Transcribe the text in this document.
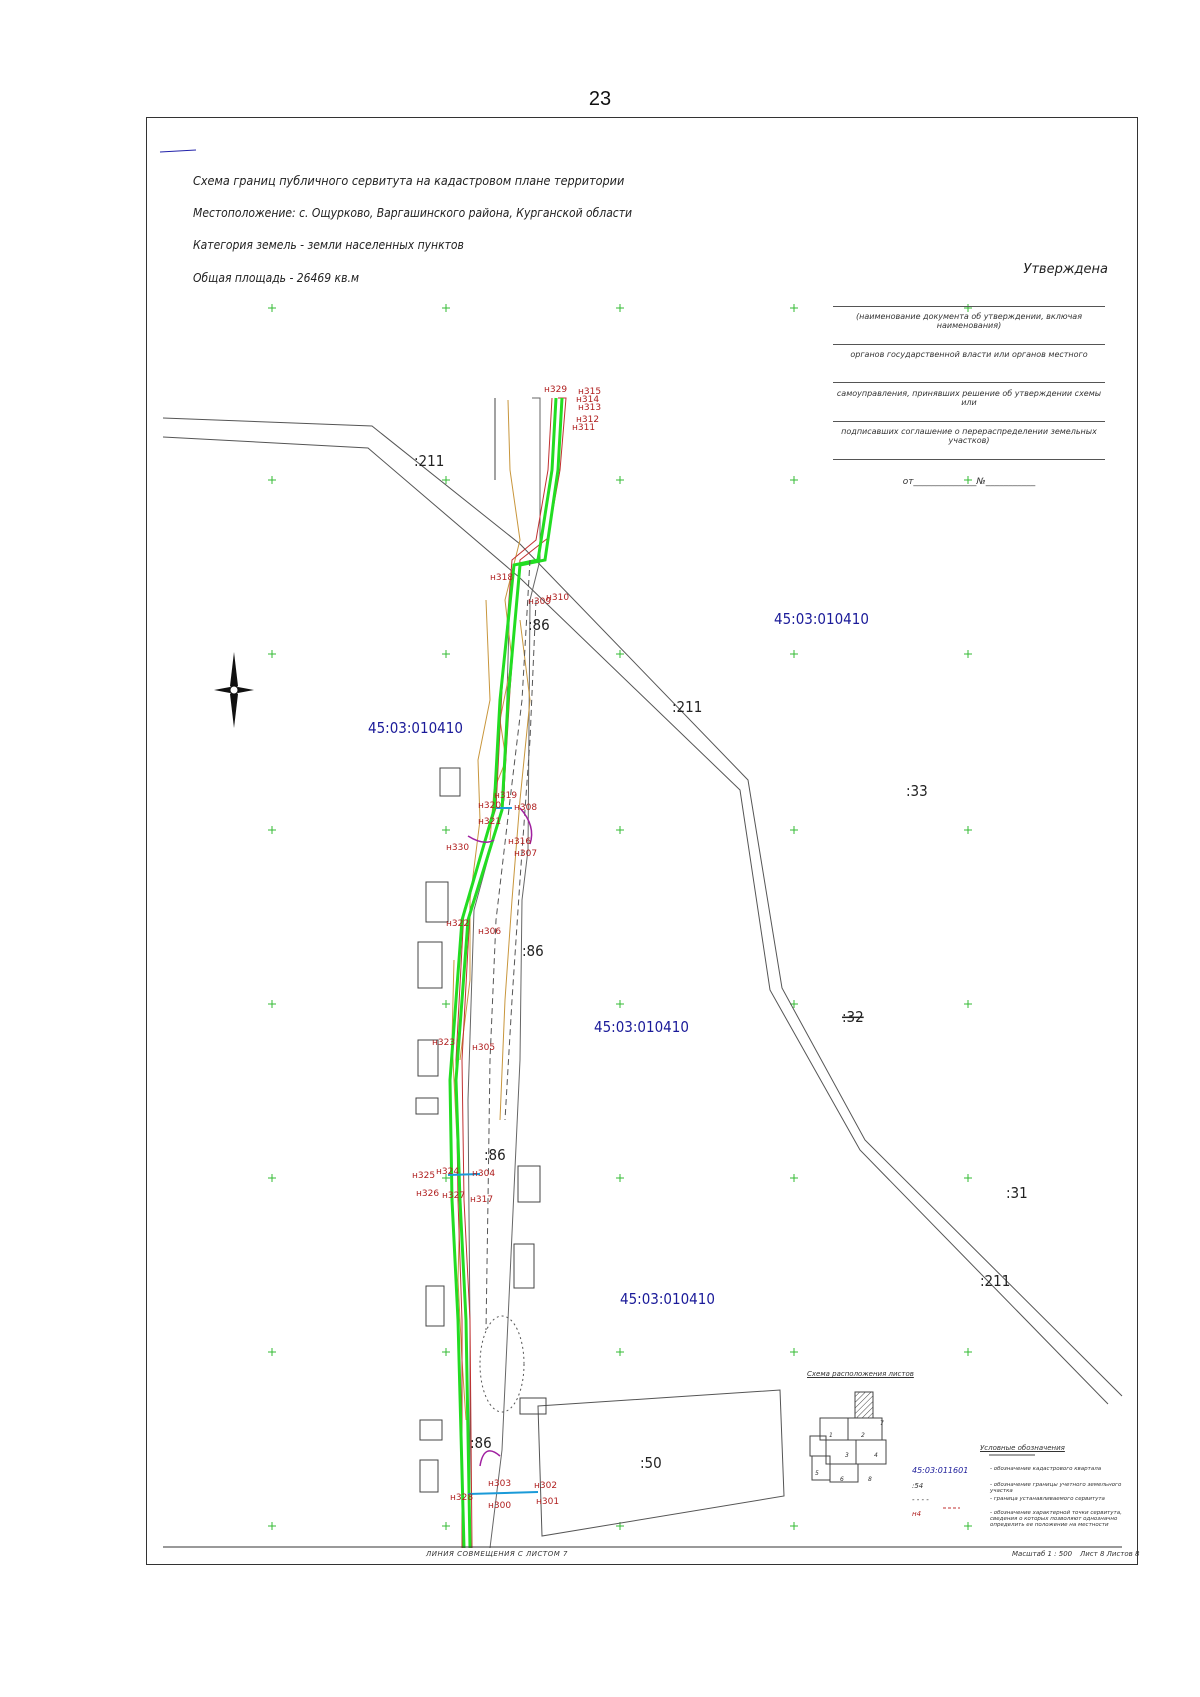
23
н315
н314
н313
н312
н311
н310
н309
н308
н307
н306
н305
н304
н303	н302
н301
н300
н318
н319
н320
н321
н322
н323
н324
н325
н326 н327
н328
н329
н330
н316
н317
45:03:010410
45:03:010410
45:03:010410
45:03:010410
:211
:211
:211
:86
:86
:86
:86
:33
:32
:31
:50
Схема границ публичного сервитута на кадастровом плане территории
Местоположение: с. Ощурково, Варгашинского района, Курганской области
Категория земель - земли населенных пунктов
Общая площадь - 26469 кв.м
Утверждена
(наименование документа об утверждении, включая наименования)
органов государственной власти или органов местного
самоуправления, принявших решение об утверждении схемы или
подписавших соглашение о перераспределении земельных участков)
от______________№___________
Схема расположения листов
1	2
3	4
5
6
7
8
Условные обозначения
45:03:011601	- обозначение кадастрового квартала
:54	- обозначение границы учетного земельного участка
- - - -	- граница устанавливаемого сервитута
н4	- обозначение характерной точки сервитута, сведения о которых позволяют однозначно определить ее положение на местности
ЛИНИЯ СОВМЕЩЕНИЯ С ЛИСТОМ 7	Масштаб 1 : 500 Лист 8 Листов 8
